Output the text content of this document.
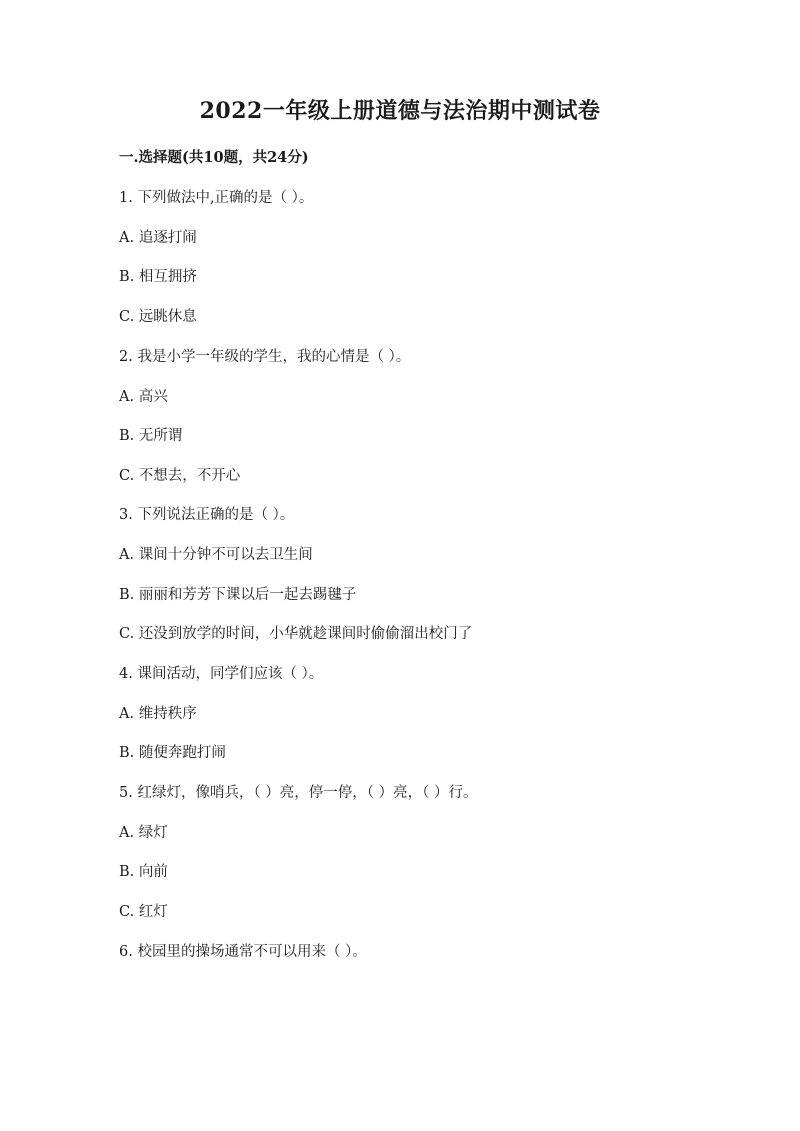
2022一年级上册道德与法治期中测试卷
一.选择题(共10题，共24分)
1. 下列做法中,正确的是（ ）。
A. 追逐打闹
B. 相互拥挤
C. 远眺休息
2. 我是小学一年级的学生，我的心情是（ ）。
A. 高兴
B. 无所谓
C. 不想去，不开心
3. 下列说法正确的是（ ）。
A. 课间十分钟不可以去卫生间
B. 丽丽和芳芳下课以后一起去踢毽子
C. 还没到放学的时间，小华就趁课间时偷偷溜出校门了
4. 课间活动，同学们应该（ ）。
A. 维持秩序
B. 随便奔跑打闹
5. 红绿灯，像哨兵，（ ）亮，停一停，（ ）亮，（ ）行。
A. 绿灯
B. 向前
C. 红灯
6. 校园里的操场通常不可以用来（ ）。
